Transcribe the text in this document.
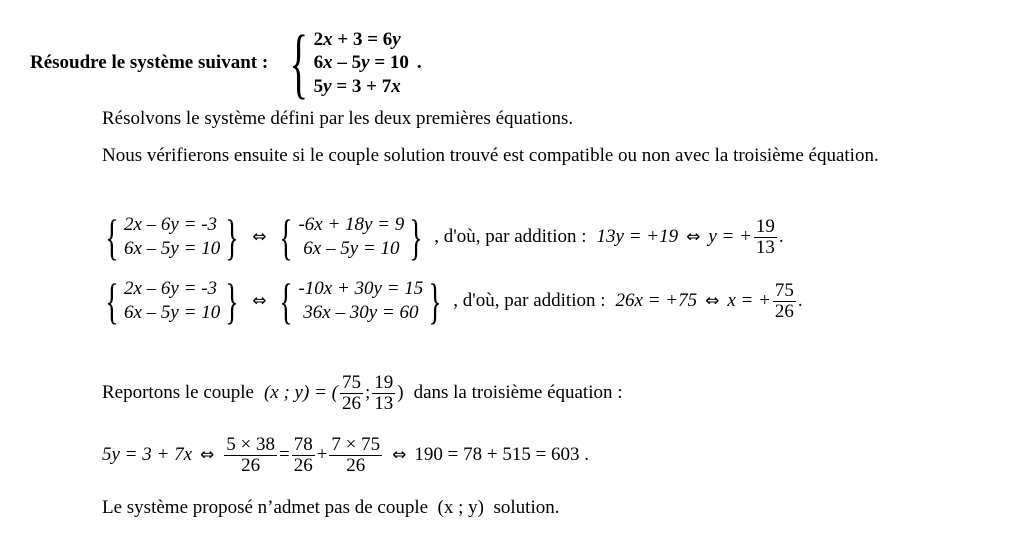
Résoudre le système suivant : { 2x + 3 = 6y
6x – 5y = 10
5y = 3 + 7x
.
Résolvons le système défini par les deux premières équations.
Nous vérifierons ensuite si le couple solution trouvé est compatible ou non avec la troisième équation.
{ 2x – 6y = -3
6x – 5y = 10 } ⇔ { -6x + 18y = 9
6x – 5y = 10 } , d'où, par addition : 13y = +19 ⇔ y = + $\frac{19}{13}$ .
{ 2x – 6y = -3
6x – 5y = 10 } ⇔ { -10x + 30y = 15
36x – 30y = 60 } , d'où, par addition : 26x = +75 ⇔ x = + $\frac{75}{26}$ .
Reportons le couple (x ; y) = ( $\frac{75}{26}$ ; $\frac{19}{13}$ ) dans la troisième équation :
5y = 3 + 7x ⇔ $\frac{5 \times 38}{26} = \frac{78}{26} + \frac{7 \times 75}{26}$ ⇔ 190 = 78 + 515 = 603 .
Le système proposé n’admet pas de couple  (x ; y)  solution.
